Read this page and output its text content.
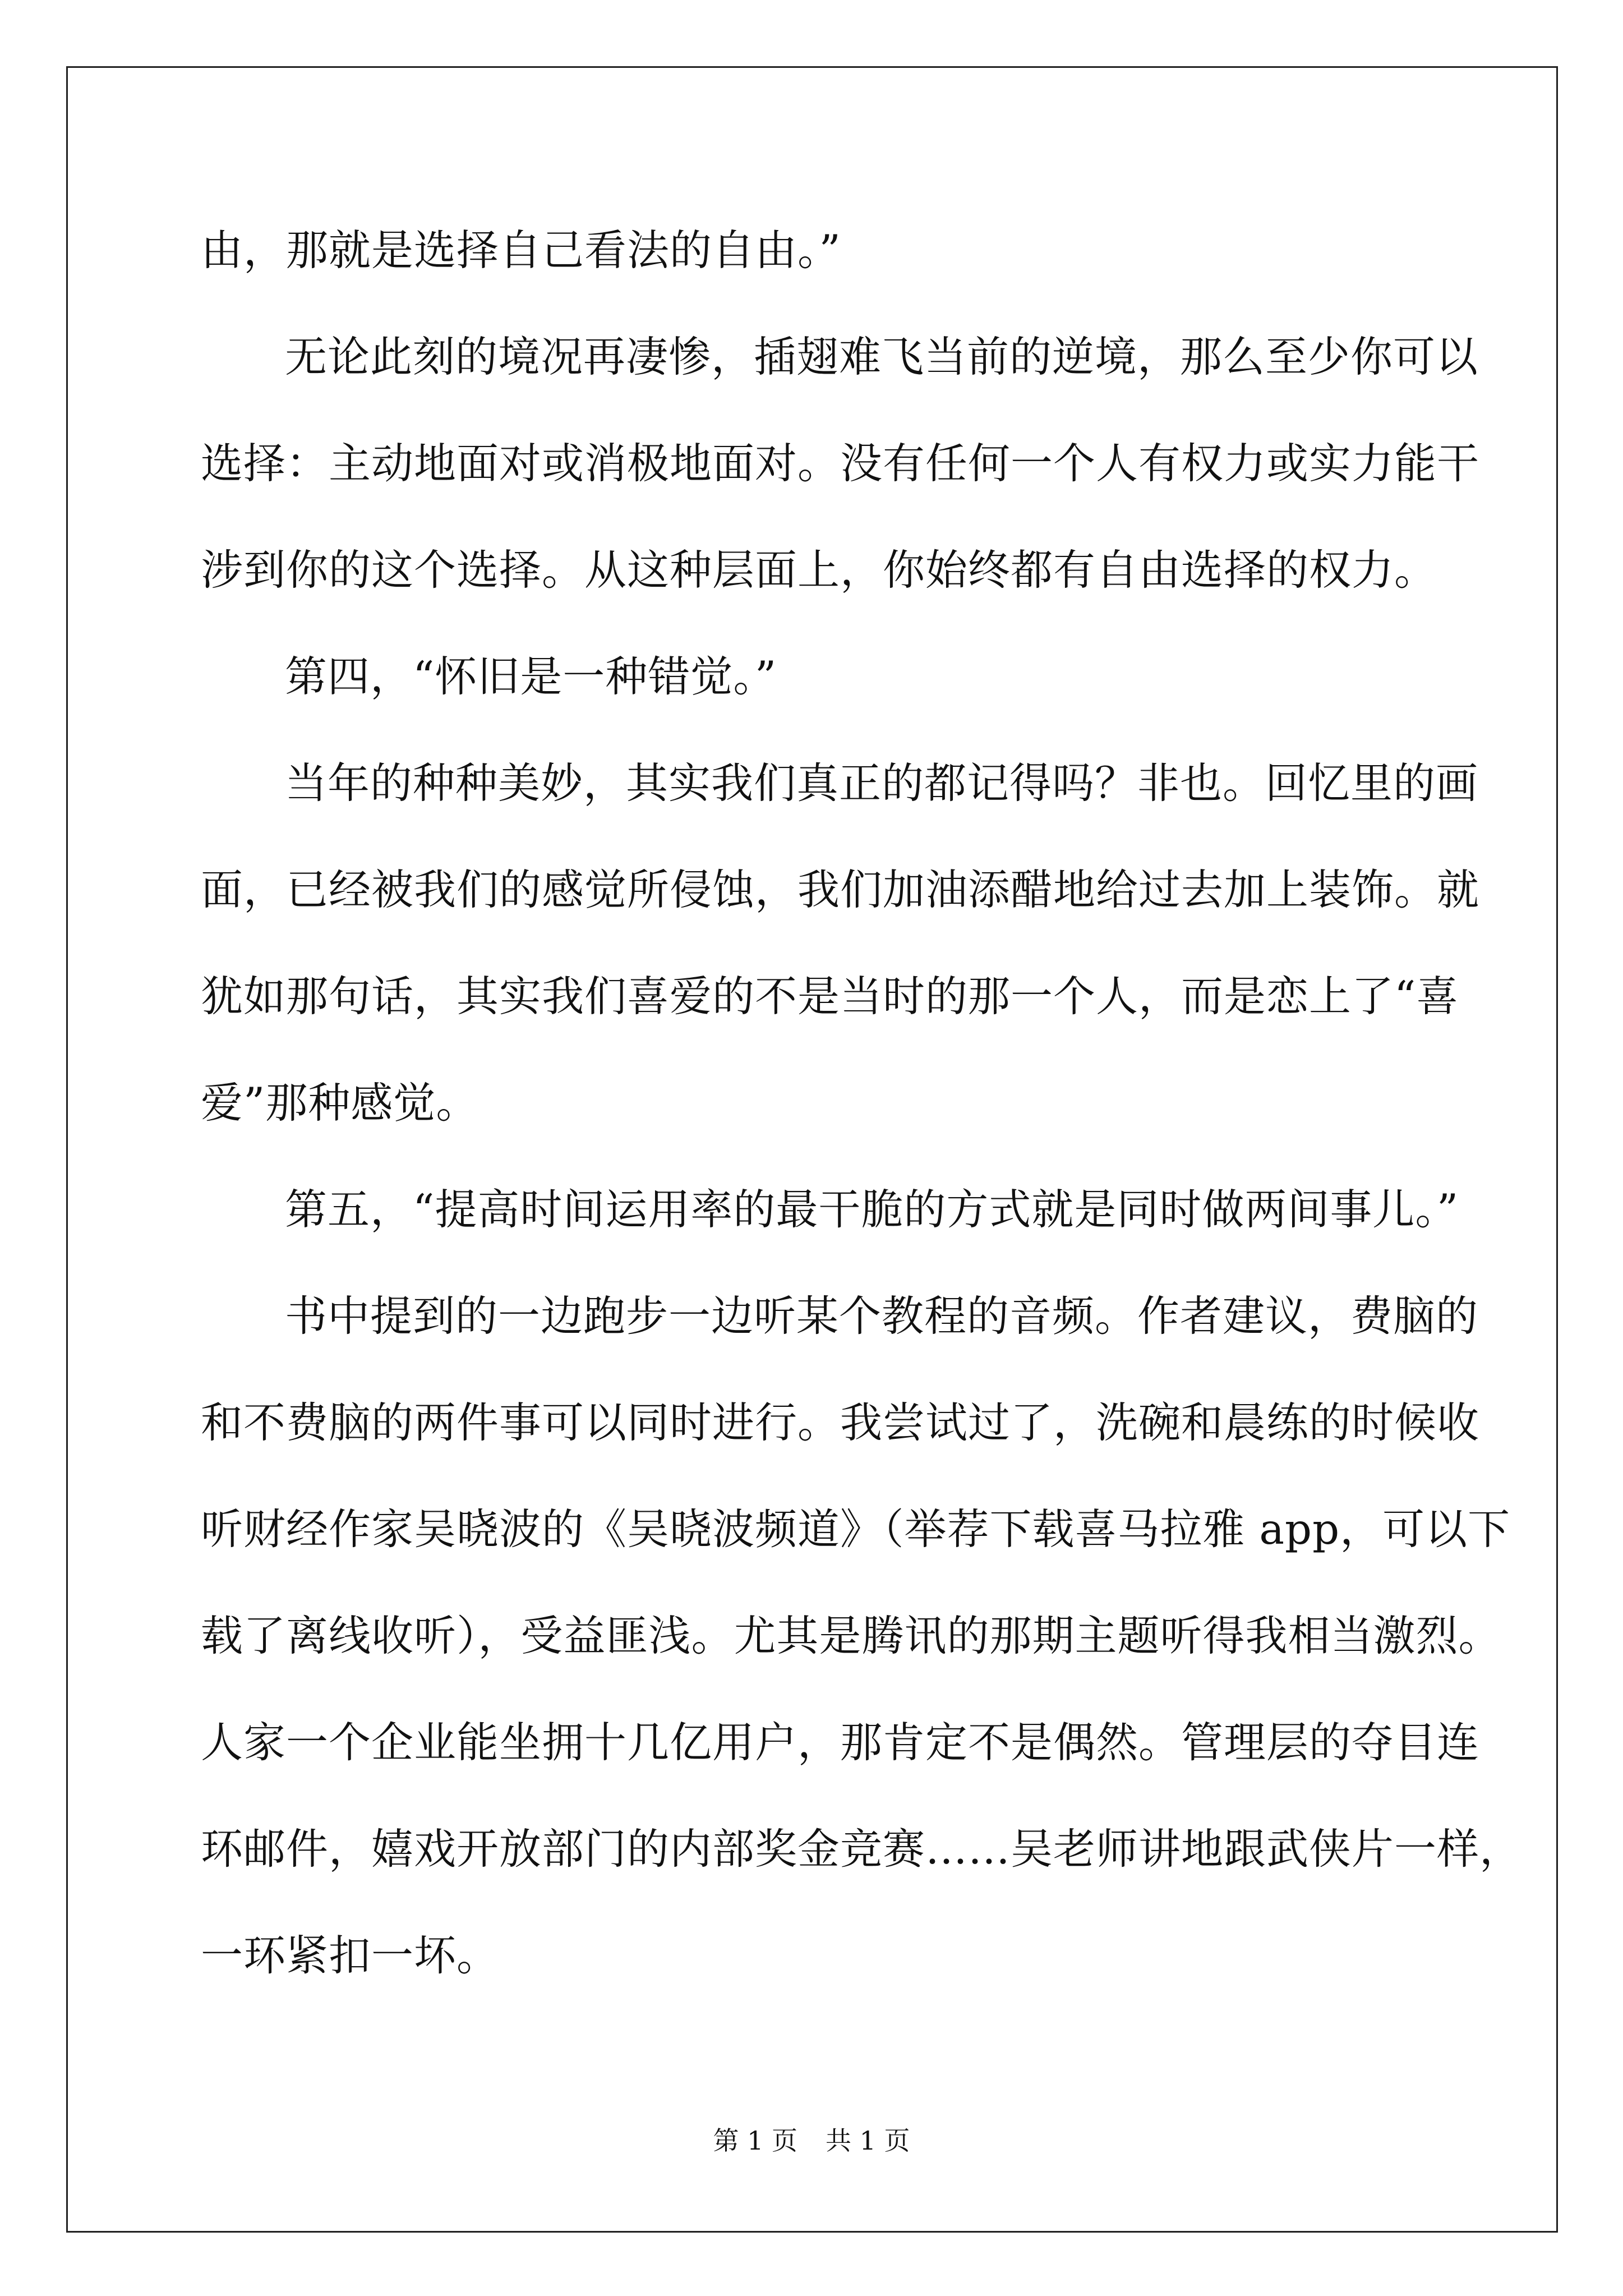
由，那就是选择自己看法的自由。”
无论此刻的境况再凄惨，插翅难飞当前的逆境，那么至少你可以
选择：主动地面对或消极地面对。没有任何一个人有权力或实力能干
涉到你的这个选择。从这种层面上，你始终都有自由选择的权力。
第四，“怀旧是一种错觉。”
当年的种种美妙，其实我们真正的都记得吗？非也。回忆里的画
面，已经被我们的感觉所侵蚀，我们加油添醋地给过去加上装饰。就
犹如那句话，其实我们喜爱的不是当时的那一个人，而是恋上了“喜
爱”那种感觉。
第五，“提高时间运用率的最干脆的方式就是同时做两间事儿。”
书中提到的一边跑步一边听某个教程的音频。作者建议，费脑的
和不费脑的两件事可以同时进行。我尝试过了，洗碗和晨练的时候收
听财经作家吴晓波的《吴晓波频道》（举荐下载喜马拉雅 app，可以下
载了离线收听），受益匪浅。尤其是腾讯的那期主题听得我相当激烈。
人家一个企业能坐拥十几亿用户，那肯定不是偶然。管理层的夺目连
环邮件，嬉戏开放部门的内部奖金竞赛……吴老师讲地跟武侠片一样，
一环紧扣一坏。
第 1 页 共 1 页
